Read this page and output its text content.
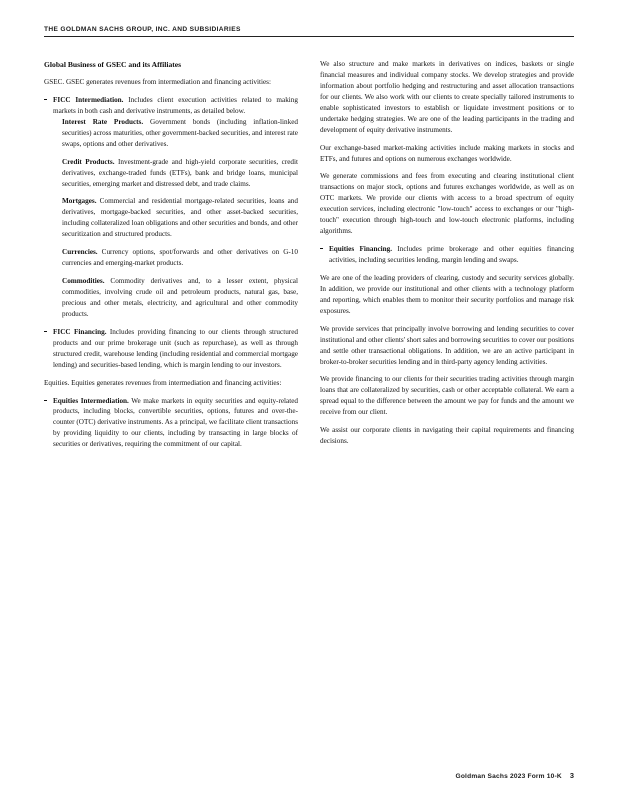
THE GOLDMAN SACHS GROUP, INC. AND SUBSIDIARIES
Global Business of GSEC and its Affiliates

GSEC. GSEC generates revenues from intermediation and financing activities:

FICC Intermediation. Includes client execution activities related to making markets in both cash and derivative instruments, as detailed below.

Interest Rate Products. Government bonds (including inflation-linked securities) across maturities, other government-backed securities, and interest rate swaps, options and other derivatives.

Credit Products. Investment-grade and high-yield corporate securities, credit derivatives, exchange-traded funds (ETFs), bank and bridge loans, municipal securities, emerging market and distressed debt, and trade claims.

Mortgages. Commercial and residential mortgage-related securities, loans and derivatives, mortgage-backed securities, and other asset-backed securities, including collateralized loan obligations and other securities and bonds, and other securitization and structured products.

Currencies. Currency options, spot/forwards and other derivatives on G-10 currencies and emerging-market products.

Commodities. Commodity derivatives and, to a lesser extent, physical commodities, involving crude oil and petroleum products, natural gas, base, precious and other metals, electricity, and agricultural and other commodity products.

FICC Financing. Includes providing financing to our clients through structured products and our prime brokerage unit (such as repurchase), as well as through structured credit, warehouse lending (including residential and commercial mortgage lending) and securities-based lending, which is margin lending to our investors.

Equities. Equities generates revenues from intermediation and financing activities:

Equities Intermediation. We make markets in equity securities and equity-related products, including blocks, convertible securities, options, futures and over-the-counter (OTC) derivative instruments. As a principal, we facilitate client transactions by providing liquidity to our clients, including by transacting in large blocks of securities or derivatives, requiring the commitment of our capital.

We also structure and make markets in derivatives on indices, baskets or single financial measures and individual company stocks. We develop strategies and provide information about portfolio hedging and restructuring and asset allocation transactions for our clients. We also work with our clients to create specially tailored instruments to enable sophisticated investors to establish or liquidate investment positions or to undertake hedging strategies. We are one of the leading participants in the trading and development of equity derivative instruments.

Our exchange-based market-making activities include making markets in stocks and ETFs, and futures and options on numerous exchanges worldwide.

We generate commissions and fees from executing and clearing institutional client transactions on major stock, options and futures exchanges worldwide, as well as on OTC markets. We provide our clients with access to a broad spectrum of equity execution services, including electronic "low-touch" access to exchanges or our "high-touch" execution through high-touch and low-touch electronic platforms, including algorithms.

Equities Financing. Includes prime brokerage and other equities financing activities, including securities lending, margin lending and swaps.

We are one of the leading providers of clearing, custody and security services globally. In addition, we provide our institutional and other clients with a technology platform and reporting, which enables them to monitor their security portfolios and manage risk exposures.

We provide services that principally involve borrowing and lending securities to cover institutional and other clients' short sales and borrowing securities to cover our positions and settle other transactional obligations. In addition, we are an active participant in broker-to-broker securities lending and in third-party agency lending activities.

We provide financing to our clients for their securities trading activities through margin loans that are collateralized by securities, cash or other acceptable collateral. We earn a spread equal to the difference between the amount we pay for funds and the amount we receive from our client.

We assist our corporate clients in navigating their capital requirements and financing decisions.

Goldman Sachs 2023 Form 10-K 3
